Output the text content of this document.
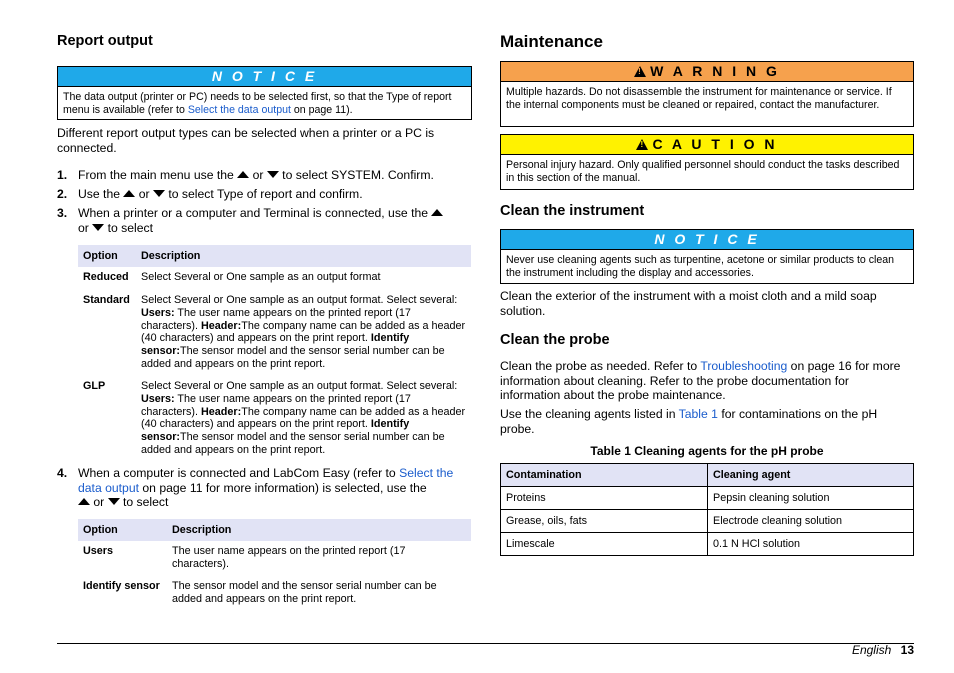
Report output
N O T I C E
The data output (printer or PC) needs to be selected first, so that the Type of report menu is available (refer to Select the data output on page 11).
Different report output types can be selected when a printer or a PC is connected.
1. From the main menu use the  or  to select SYSTEM. Confirm.
2. Use the  or  to select Type of report and confirm.
3. When a printer or a computer and Terminal is connected, use the
or  to select
Option Description
Reduced Select Several or One sample as an output format
Standard Select Several or One sample as an output format. Select several: Users: The user name appears on the printed report (17 characters). Header:The company name can be added as a header (40 characters) and appears on the print report. Identify sensor:The sensor model and the sensor serial number can be added and appears on the print report.
GLP	Select Several or One sample as an output format. Select several: Users: The user name appears on the printed report (17 characters). Header:The company name can be added as a header (40 characters) and appears on the print report. Identify sensor:The sensor model and the sensor serial number can be added and appears on the print report.
4. When a computer is connected and LabCom Easy (refer to Select the data output on page 11 for more information) is selected, use the
or  to select
Option	Description
Users	The user name appears on the printed report (17 characters).
Identify sensor The sensor model and the sensor serial number can be added and appears on the print report.
Maintenance
!W A R N I N G
Multiple hazards. Do not disassemble the instrument for maintenance or service. If the internal components must be cleaned or repaired, contact the manufacturer.
!C A U T I O N
Personal injury hazard. Only qualified personnel should conduct the tasks described in this section of the manual.
Clean the instrument
N O T I C E
Never use cleaning agents such as turpentine, acetone or similar products to clean the instrument including the display and accessories.
Clean the exterior of the instrument with a moist cloth and a mild soap solution.
Clean the probe
Clean the probe as needed. Refer to Troubleshooting on page 16 for more information about cleaning. Refer to the probe documentation for information about the probe maintenance.
Use the cleaning agents listed in Table 1 for contaminations on the pH probe.
Table 1 Cleaning agents for the pH probe
Contamination	Cleaning agent
Proteins	Pepsin cleaning solution
Grease, oils, fats	Electrode cleaning solution
Limescale	0.1 N HCl solution
English 13
